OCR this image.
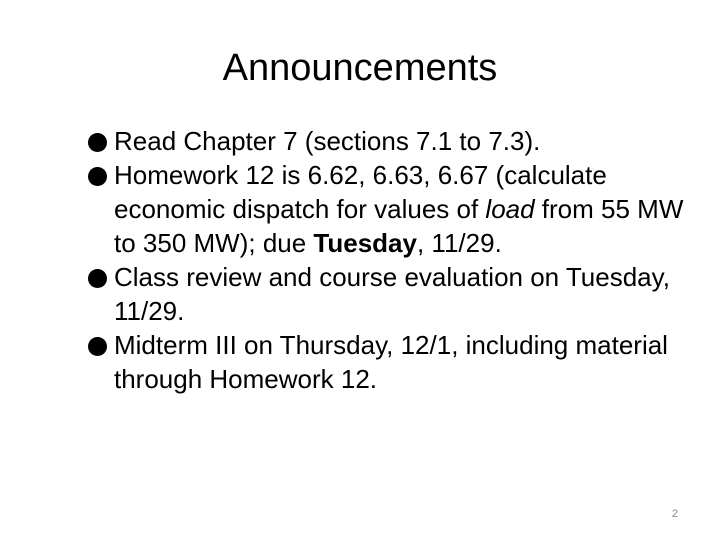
Announcements
Read Chapter 7 (sections 7.1 to 7.3).
Homework 12 is 6.62, 6.63, 6.67 (calculate economic dispatch for values of load from 55 MW to 350 MW); due Tuesday, 11/29.
Class review and course evaluation on Tuesday, 11/29.
Midterm III on Thursday, 12/1, including material through Homework 12.
2
